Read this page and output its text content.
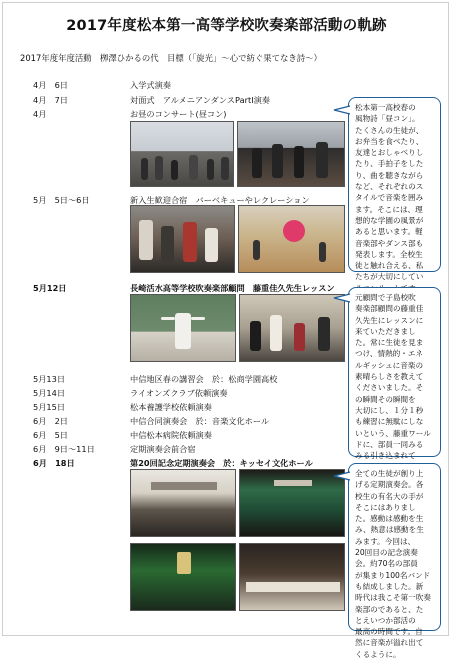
2017年度松本第一高等学校吹奏楽部活動の軌跡
2017年度年度活動　栁澤ひかるの代　目標（「旋光」～心で紡ぐ果てなき詩～）
4月　6日	入学式演奏
4月　7日	対面式　アルメニアンダンスPartⅠ演奏
4月	お昼のコンサート(昼コン)
5月　5日～6日	新入生歓迎合宿　バーベキューやレクレーション
5月12日	長崎活水高等学校吹奏楽部顧問　藤重佳久先生レッスン
5月13日	中信地区春の講習会　於：松商学園高校
5月14日	ライオンズクラブ依頼演奏
5月15日	松本養護学校依頼演奏
6月　2日	中信合同演奏会　於：音楽文化ホール
6月　5日	中信松本病院依頼演奏
6月　9日～11日	定期演奏会前合宿
6月　18日	第20回記念定期演奏会　於：キッセイ文化ホール
松本第一高校春の
風物詩「昼コン」。
たくさんの生徒が、
お弁当を食べたり、
友達とおしゃべりし
たり、手拍子をした
り、曲を聴きながら
など、それぞれのス
タイルで音楽を囲み
ます。そこには、理
想的な学園の風景が
あると思います。軽
音楽部やダンス部も
発表します。全校生
徒と触れ合える、私
たちが大切にしてい

元顧問で子島校吹
奏楽部顧問の藤重佳
久先生にレッスンに
来ていただきまし
た。常に生徒を見ま
つけ、情熱的・エネ
ルギッシュに音楽の
素晴らしさを教えて
くださいました。そ
の瞬間その瞬間を
大切にし、１分１秒
も練習に無駄にしな
いという、藤重ワール
ドに、部員一同みる
みる引き込まれて

全ての生徒が創り上
げる定期演奏会。各
校生の有名大の手が
そこにはありまし
た。感動は感動を生
み、熱意は感動を生
みます。今回は、
20回目の記念演奏
会。約70名の部員
が集まり100名バンド
も結成しました。新
時代は我こそ第一吹奏
楽部のであると、た
とえいつか部活の
最高の時間です。自
然に音楽が溢れ出て
くるように。
